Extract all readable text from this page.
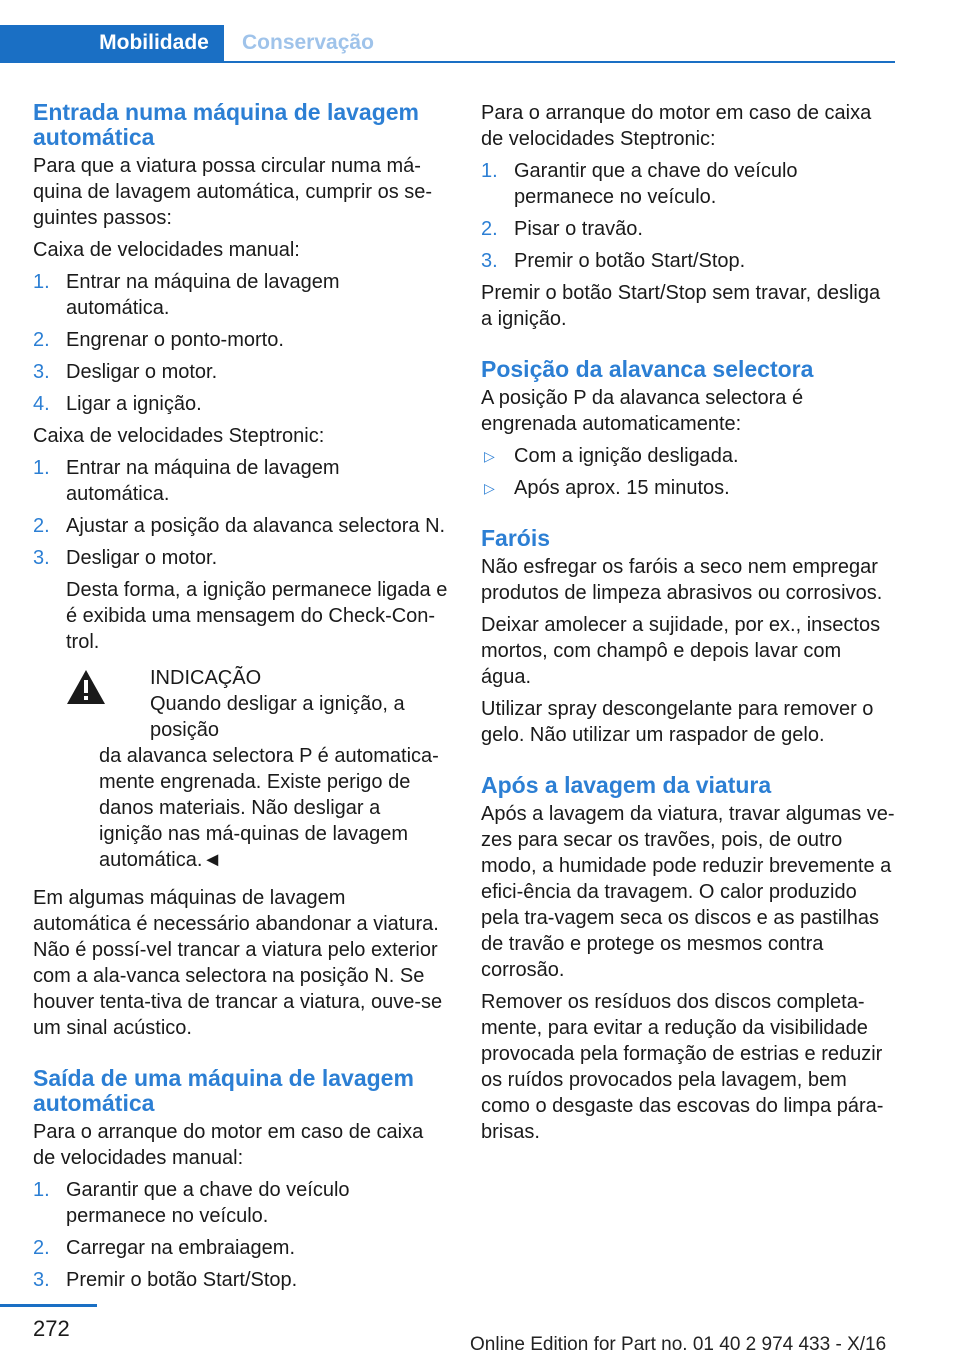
Mobilidade	Conservação
Entrada numa máquina de lavagem automática

Para que a viatura possa circular numa má-quina de lavagem automática, cumprir os se-guintes passos:

Caixa de velocidades manual:

1. Entrar na máquina de lavagem automática.
2. Engrenar o ponto-morto.
3. Desligar o motor.
4. Ligar a ignição.

Caixa de velocidades Steptronic:

1. Entrar na máquina de lavagem automática.
2. Ajustar a posição da alavanca selectora N.
3. Desligar o motor.

Desta forma, a ignição permanece ligada e é exibida uma mensagem do Check-Con-trol.

INDICAÇÃO
Quando desligar a ignição, a posição
da alavanca selectora P é automatica-mente engrenada. Existe perigo de danos materiais. Não desligar a ignição nas má-quinas de lavagem automática.◄

Em algumas máquinas de lavagem automática é necessário abandonar a viatura. Não é possí-vel trancar a viatura pelo exterior com a ala-vanca selectora na posição N. Se houver tenta-tiva de trancar a viatura, ouve-se um sinal acústico.

Saída de uma máquina de lavagem automática

Para o arranque do motor em caso de caixa de velocidades manual:

1. Garantir que a chave do veículo permanece no veículo.
2. Carregar na embraiagem.
3. Premir o botão Start/Stop.

Para o arranque do motor em caso de caixa de velocidades Steptronic:

1. Garantir que a chave do veículo permanece no veículo.
2. Pisar o travão.
3. Premir o botão Start/Stop.

Premir o botão Start/Stop sem travar, desliga a ignição.

Posição da alavanca selectora

A posição P da alavanca selectora é engrenada automaticamente:

▷ Com a ignição desligada.
▷ Após aprox. 15 minutos.
Faróis

Não esfregar os faróis a seco nem empregar produtos de limpeza abrasivos ou corrosivos.

Deixar amolecer a sujidade, por ex., insectos mortos, com champô e depois lavar com água.

Utilizar spray descongelante para remover o gelo. Não utilizar um raspador de gelo.

Após a lavagem da viatura

Após a lavagem da viatura, travar algumas ve-zes para secar os travões, pois, de outro modo, a humidade pode reduzir brevemente a efici-ência da travagem. O calor produzido pela tra-vagem seca os discos e as pastilhas de travão e protege os mesmos contra corrosão.

Remover os resíduos dos discos completa-mente, para evitar a redução da visibilidade provocada pela formação de estrias e reduzir os ruídos provocados pela lavagem, bem como o desgaste das escovas do limpa pára-brisas.

272
Online Edition for Part no. 01 40 2 974 433 - X/16
